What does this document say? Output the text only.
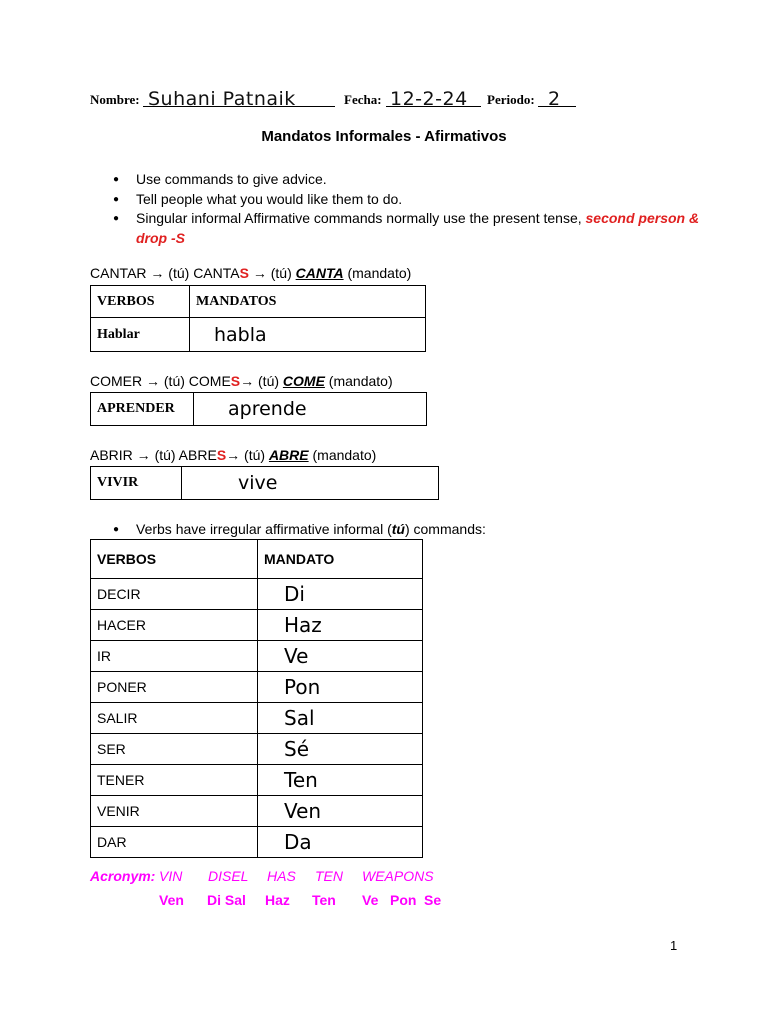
Nombre: Suhani Patnaik	Fecha: 12-2-24 Periodo: 2
Mandatos Informales - Afirmativos
● Use commands to give advice.
● Tell people what you would like them to do.
● Singular informal Affirmative commands normally use the present tense, second person & drop -S
CANTAR → (tú) CANTAS → (tú) CANTA (mandato)
VERBOS	MANDATOS
Hablar	habla
COMER → (tú) COMES→ (tú) COME (mandato)
APRENDER	aprende
ABRIR → (tú) ABRES→ (tú) ABRE (mandato)
VIVIR	vive
● Verbs have irregular affirmative informal (tú) commands:
VERBOS	MANDATO
DECIR	Di
HACER	Haz
IR	Ve
PONER	Pon
SALIR	Sal
SER	Sé
TENER	Ten
VENIR	Ven
DAR	Da
Acronym: VIN DISEL HAS TEN WEAPONS
Ven Di Sal Haz Ten Ve Pon Se
1
